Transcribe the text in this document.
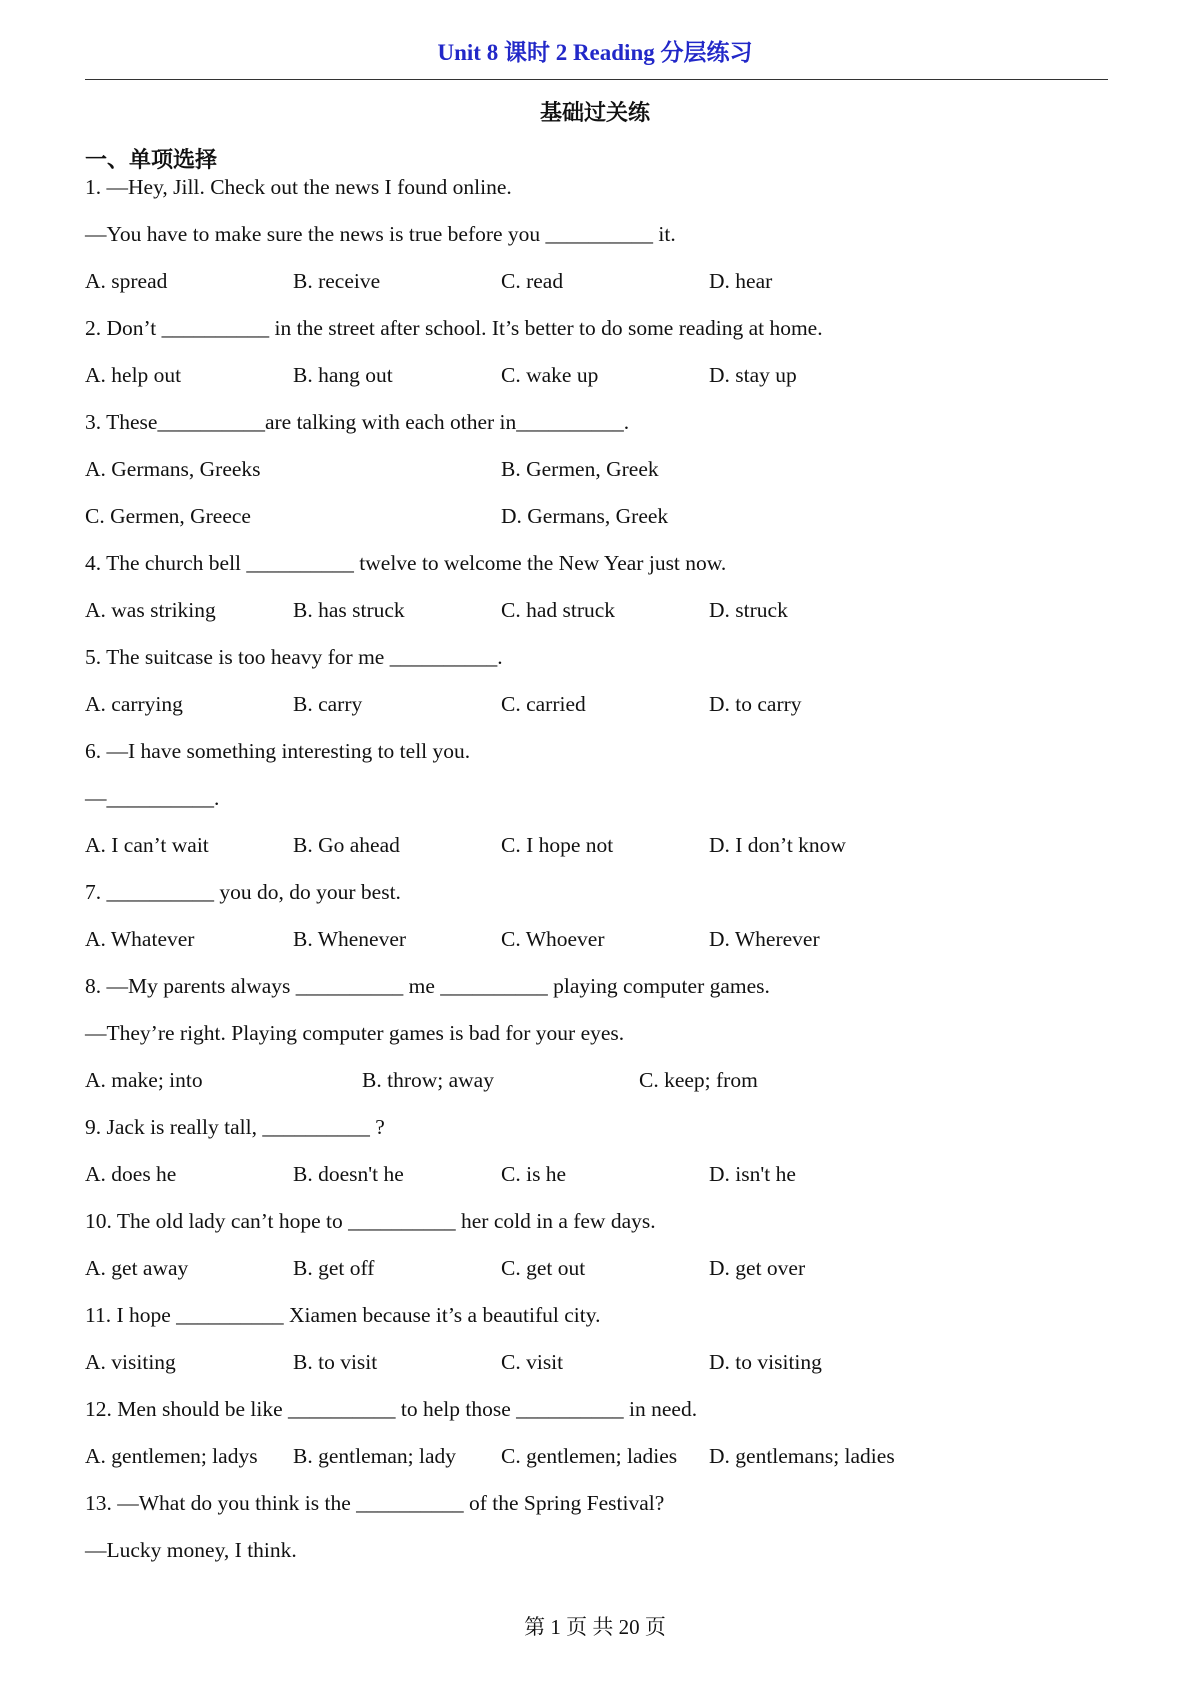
Unit 8 课时 2 Reading 分层练习
基础过关练
一、单项选择
1. —Hey, Jill. Check out the news I found online.
—You have to make sure the news is true before you __________ it.
A. spread	B. receive	C. read	D. hear
2. Don’t __________ in the street after school. It’s better to do some reading at home.
A. help out	B. hang out	C. wake up	D. stay up
3. These__________are talking with each other in__________.
A. Germans, Greeks	B. Germen, Greek
C. Germen, Greece	D. Germans, Greek
4. The church bell __________ twelve to welcome the New Year just now.
A. was striking	B. has struck	C. had struck	D. struck
5. The suitcase is too heavy for me __________.
A. carrying	B. carry	C. carried	D. to carry
6. —I have something interesting to tell you.
—__________.
A. I can’t wait	B. Go ahead	C. I hope not	D. I don’t know
7. __________ you do, do your best.
A. Whatever	B. Whenever	C. Whoever	D. Wherever
8. —My parents always __________ me __________ playing computer games.
—They’re right. Playing computer games is bad for your eyes.
A. make; into	B. throw; away	C. keep; from
9. Jack is really tall, __________ ?
A. does he	B. doesn't he	C. is he	D. isn't he
10. The old lady can’t hope to __________ her cold in a few days.
A. get away	B. get off	C. get out	D. get over
11. I hope __________ Xiamen because it’s a beautiful city.
A. visiting	B. to visit	C. visit	D. to visiting
12. Men should be like __________ to help those __________ in need.
A. gentlemen; ladys B. gentleman; lady C. gentlemen; ladies D. gentlemans; ladies
13. —What do you think is the __________ of the Spring Festival?
—Lucky money, I think.
第 1 页 共 20 页
